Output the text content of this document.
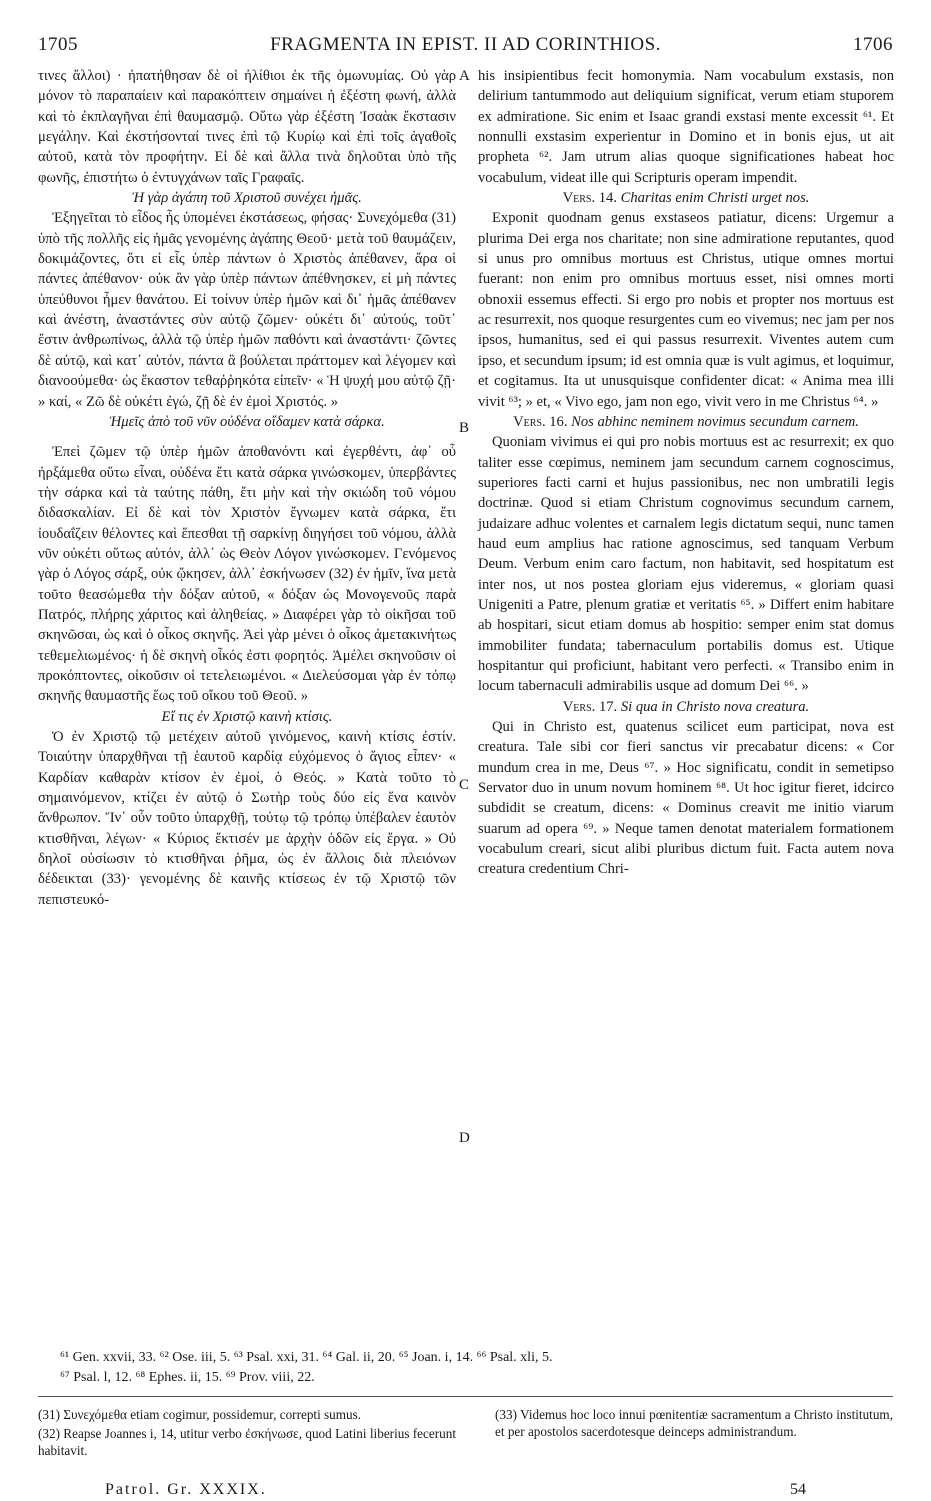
1705	FRAGMENTA IN EPIST. II AD CORINTHIOS.	1706

τινες ἄλλοι) · ἠπατήθησαν δὲ οἱ ἠλίθιοι ἐκ τῆς ὁμωνυμίας. Οὐ γὰρ μόνον τὸ παραπαίειν καὶ παρακόπτειν σημαίνει ἡ ἐξέστη φωνή, ἀλλὰ καὶ τὸ ἐκπλαγῆναι ἐπὶ θαυμασμῷ. Οὕτω γὰρ ἐξέστη Ἰσαὰκ ἔκστασιν μεγάλην. Καὶ ἐκστήσονταί τινες ἐπὶ τῷ Κυρίῳ καὶ ἐπὶ τοῖς ἀγαθοῖς αὐτοῦ, κατὰ τὸν προφήτην. Εἰ δὲ καὶ ἄλλα τινὰ δηλοῦται ὑπὸ τῆς φωνῆς, ἐπιστήτω ὁ ἐντυγχάνων ταῖς Γραφαῖς.

Ἡ γὰρ ἀγάπη τοῦ Χριστοῦ συνέχει ἡμᾶς.

Ἐξηγεῖται τὸ εἶδος ἧς ὑπομένει ἐκστάσεως, φήσας· Συνεχόμεθα (31) ὑπὸ τῆς πολλῆς εἰς ἡμᾶς γενομένης ἀγάπης Θεοῦ· μετὰ τοῦ θαυμάζειν, δοκιμάζοντες, ὅτι εἰ εἷς ὑπὲρ πάντων ὁ Χριστὸς ἀπέθανεν, ἄρα οἱ πάντες ἀπέθανον· οὐκ ἂν γὰρ ὑπὲρ πάντων ἀπέθνησκεν, εἰ μὴ πάντες ὑπεύθυνοι ἦμεν θανάτου. Εἰ τοίνυν ὑπὲρ ἡμῶν καὶ δι᾽ ἡμᾶς ἀπέθανεν καὶ ἀνέστη, ἀναστάντες σὺν αὐτῷ ζῶμεν· οὐκέτι δι᾽ αὐτούς, τοῦτ᾽ ἔστιν ἀνθρωπίνως, ἀλλὰ τῷ ὑπὲρ ἡμῶν παθόντι καὶ ἀναστάντι· ζῶντες δὲ αὐτῷ, καὶ κατ᾽ αὐτόν, πάντα ἃ βούλεται πράττομεν καὶ λέγομεν καὶ διανοούμεθα· ὡς ἕκαστον τεθαῤῥηκότα εἰπεῖν· « Ἡ ψυχή μου αὐτῷ ζῇ· » καί, « Ζῶ δὲ οὐκέτι ἐγώ, ζῇ δὲ ἐν ἐμοὶ Χριστός. »

Ἡμεῖς ἀπὸ τοῦ νῦν οὐδένα οἴδαμεν κατὰ σάρκα.

Ἐπεὶ ζῶμεν τῷ ὑπὲρ ἡμῶν ἀποθανόντι καὶ ἐγερθέντι, ἀφ᾽ οὗ ἠρξάμεθα οὕτω εἶναι, οὐδένα ἔτι κατὰ σάρκα γινώσκομεν, ὑπερβάντες τὴν σάρκα καὶ τὰ ταύτης πάθη, ἔτι μὴν καὶ τὴν σκιώδη τοῦ νόμου διδασκαλίαν. Εἰ δὲ καὶ τὸν Χριστὸν ἔγνωμεν κατὰ σάρκα, ἔτι ἰουδαΐζειν θέλοντες καὶ ἕπεσθαι τῇ σαρκίνῃ διηγήσει τοῦ νόμου, ἀλλὰ νῦν οὐκέτι οὕτως αὐτόν, ἀλλ᾽ ὡς Θεὸν Λόγον γινώσκομεν. Γενόμενος γὰρ ὁ Λόγος σάρξ, οὐκ ᾤκησεν, ἀλλ᾽ ἐσκήνωσεν (32) ἐν ἡμῖν, ἵνα μετὰ τοῦτο θεασώμεθα τὴν δόξαν αὐτοῦ, « δόξαν ὡς Μονογενοῦς παρὰ Πατρός, πλήρης χάριτος καὶ ἀληθείας. » Διαφέρει γὰρ τὸ οἰκῆσαι τοῦ σκηνῶσαι, ὡς καὶ ὁ οἶκος σκηνῆς. Ἀεὶ γὰρ μένει ὁ οἶκος ἀμετακινήτως τεθεμελιωμένος· ἡ δὲ σκηνὴ οἶκός ἐστι φορητός. Ἀμέλει σκηνοῦσιν οἱ προκόπτοντες, οἰκοῦσιν οἱ τετελειωμένοι. « Διελεύσομαι γὰρ ἐν τόπῳ σκηνῆς θαυμαστῆς ἕως τοῦ οἴκου τοῦ Θεοῦ. »

Εἴ τις ἐν Χριστῷ καινὴ κτίσις.

Ὁ ἐν Χριστῷ τῷ μετέχειν αὐτοῦ γινόμενος, καινὴ κτίσις ἐστίν. Τοιαύτην ὑπαρχθῆναι τῇ ἑαυτοῦ καρδίᾳ εὐχόμενος ὁ ἅγιος εἶπεν· « Καρδίαν καθαρὰν κτίσον ἐν ἐμοί, ὁ Θεός. » Κατὰ τοῦτο τὸ σημαινόμενον, κτίζει ἐν αὐτῷ ὁ Σωτὴρ τοὺς δύο εἰς ἕνα καινὸν ἄνθρωπον. Ἵν᾽ οὖν τοῦτο ὑπαρχθῇ, τούτῳ τῷ τρόπῳ ὑπέβαλεν ἑαυτὸν κτισθῆναι, λέγων· « Κύριος ἔκτισέν με ἀρχὴν ὁδῶν εἰς ἔργα. » Οὐ δηλοῖ οὐσίωσιν τὸ κτισθῆναι ῥῆμα, ὡς ἐν ἄλλοις διὰ πλειόνων δέδεικται (33)· γενομένης δὲ καινῆς κτίσεως ἐν τῷ Χριστῷ τῶν πεπιστευκό-

his insipientibus fecit homonymia. Nam vocabulum exstasis, non delirium tantummodo aut deliquium significat, verum etiam stuporem ex admiratione. Sic enim et Isaac grandi exstasi mente excessit ⁶¹. Et nonnulli exstasim experientur in Domino et in bonis ejus, ut ait propheta ⁶². Jam utrum alias quoque significationes habeat hoc vocabulum, videat ille qui Scripturis operam impendit.

Vers. 14. Charitas enim Christi urget nos.

Exponit quodnam genus exstaseos patiatur, dicens: Urgemur a plurima Dei erga nos charitate; non sine admiratione reputantes, quod si unus pro omnibus mortuus est Christus, utique omnes mortui fuerant: non enim pro omnibus mortuus esset, nisi omnes morti obnoxii essemus effecti. Si ergo pro nobis et propter nos mortuus est ac resurrexit, nos quoque resurgentes cum eo vivemus; nec jam per nos ipsos, humanitus, sed ei qui passus resurrexit. Viventes autem cum ipso, et secundum ipsum; id est omnia quæ is vult agimus, et loquimur, et cogitamus. Ita ut unusquisque confidenter dicat: « Anima mea illi vivit ⁶³; » et, « Vivo ego, jam non ego, vivit vero in me Christus ⁶⁴. »

Vers. 16. Nos abhinc neminem novimus secundum carnem.

Quoniam vivimus ei qui pro nobis mortuus est ac resurrexit; ex quo taliter esse cœpimus, neminem jam secundum carnem cognoscimus, superiores facti carni et hujus passionibus, nec non umbratili legis doctrinæ. Quod si etiam Christum cognovimus secundum carnem, judaizare adhuc volentes et carnalem legis dictatum sequi, nunc tamen haud eum amplius hac ratione agnoscimus, sed tanquam Verbum Deum. Verbum enim caro factum, non habitavit, sed hospitatum est inter nos, ut nos postea gloriam ejus videremus, « gloriam quasi Unigeniti a Patre, plenum gratiæ et veritatis ⁶⁵. » Differt enim habitare ab hospitari, sicut etiam domus ab hospitio: semper enim stat domus immobiliter fundata; tabernaculum portabilis domus est. Utique hospitantur qui proficiunt, habitant vero perfecti. « Transibo enim in locum tabernaculi admirabilis usque ad domum Dei ⁶⁶. »

Vers. 17. Si qua in Christo nova creatura.

Qui in Christo est, quatenus scilicet eum participat, nova est creatura. Tale sibi cor fieri sanctus vir precabatur dicens: « Cor mundum crea in me, Deus ⁶⁷. » Hoc significatu, condit in semetipso Servator duo in unum novum hominem ⁶⁸. Ut hoc igitur fieret, idcirco subdidit se creatum, dicens: « Dominus creavit me initio viarum suarum ad opera ⁶⁹. » Neque tamen denotat materialem formationem vocabulum creari, sicut alibi pluribus dictum fuit. Facta autem nova creatura credentium Chri-

A
B
C
D
⁶¹ Gen. xxvii, 33. ⁶² Ose. iii, 5. ⁶³ Psal. xxi, 31. ⁶⁴ Gal. ii, 20. ⁶⁵ Joan. i, 14. ⁶⁶ Psal. xli, 5.
⁶⁷ Psal. l, 12. ⁶⁸ Ephes. ii, 15. ⁶⁹ Prov. viii, 22.

(31) Συνεχόμεθα etiam cogimur, possidemur, correpti sumus.

(32) Reapse Joannes i, 14, utitur verbo ἐσκήνωσε, quod Latini liberius fecerunt habitavit.

(33) Videmus hoc loco innui pœnitentiæ sacramentum a Christo institutum, et per apostolos sacerdotesque deinceps administrandum.

Patrol. Gr. XXXIX.	54
